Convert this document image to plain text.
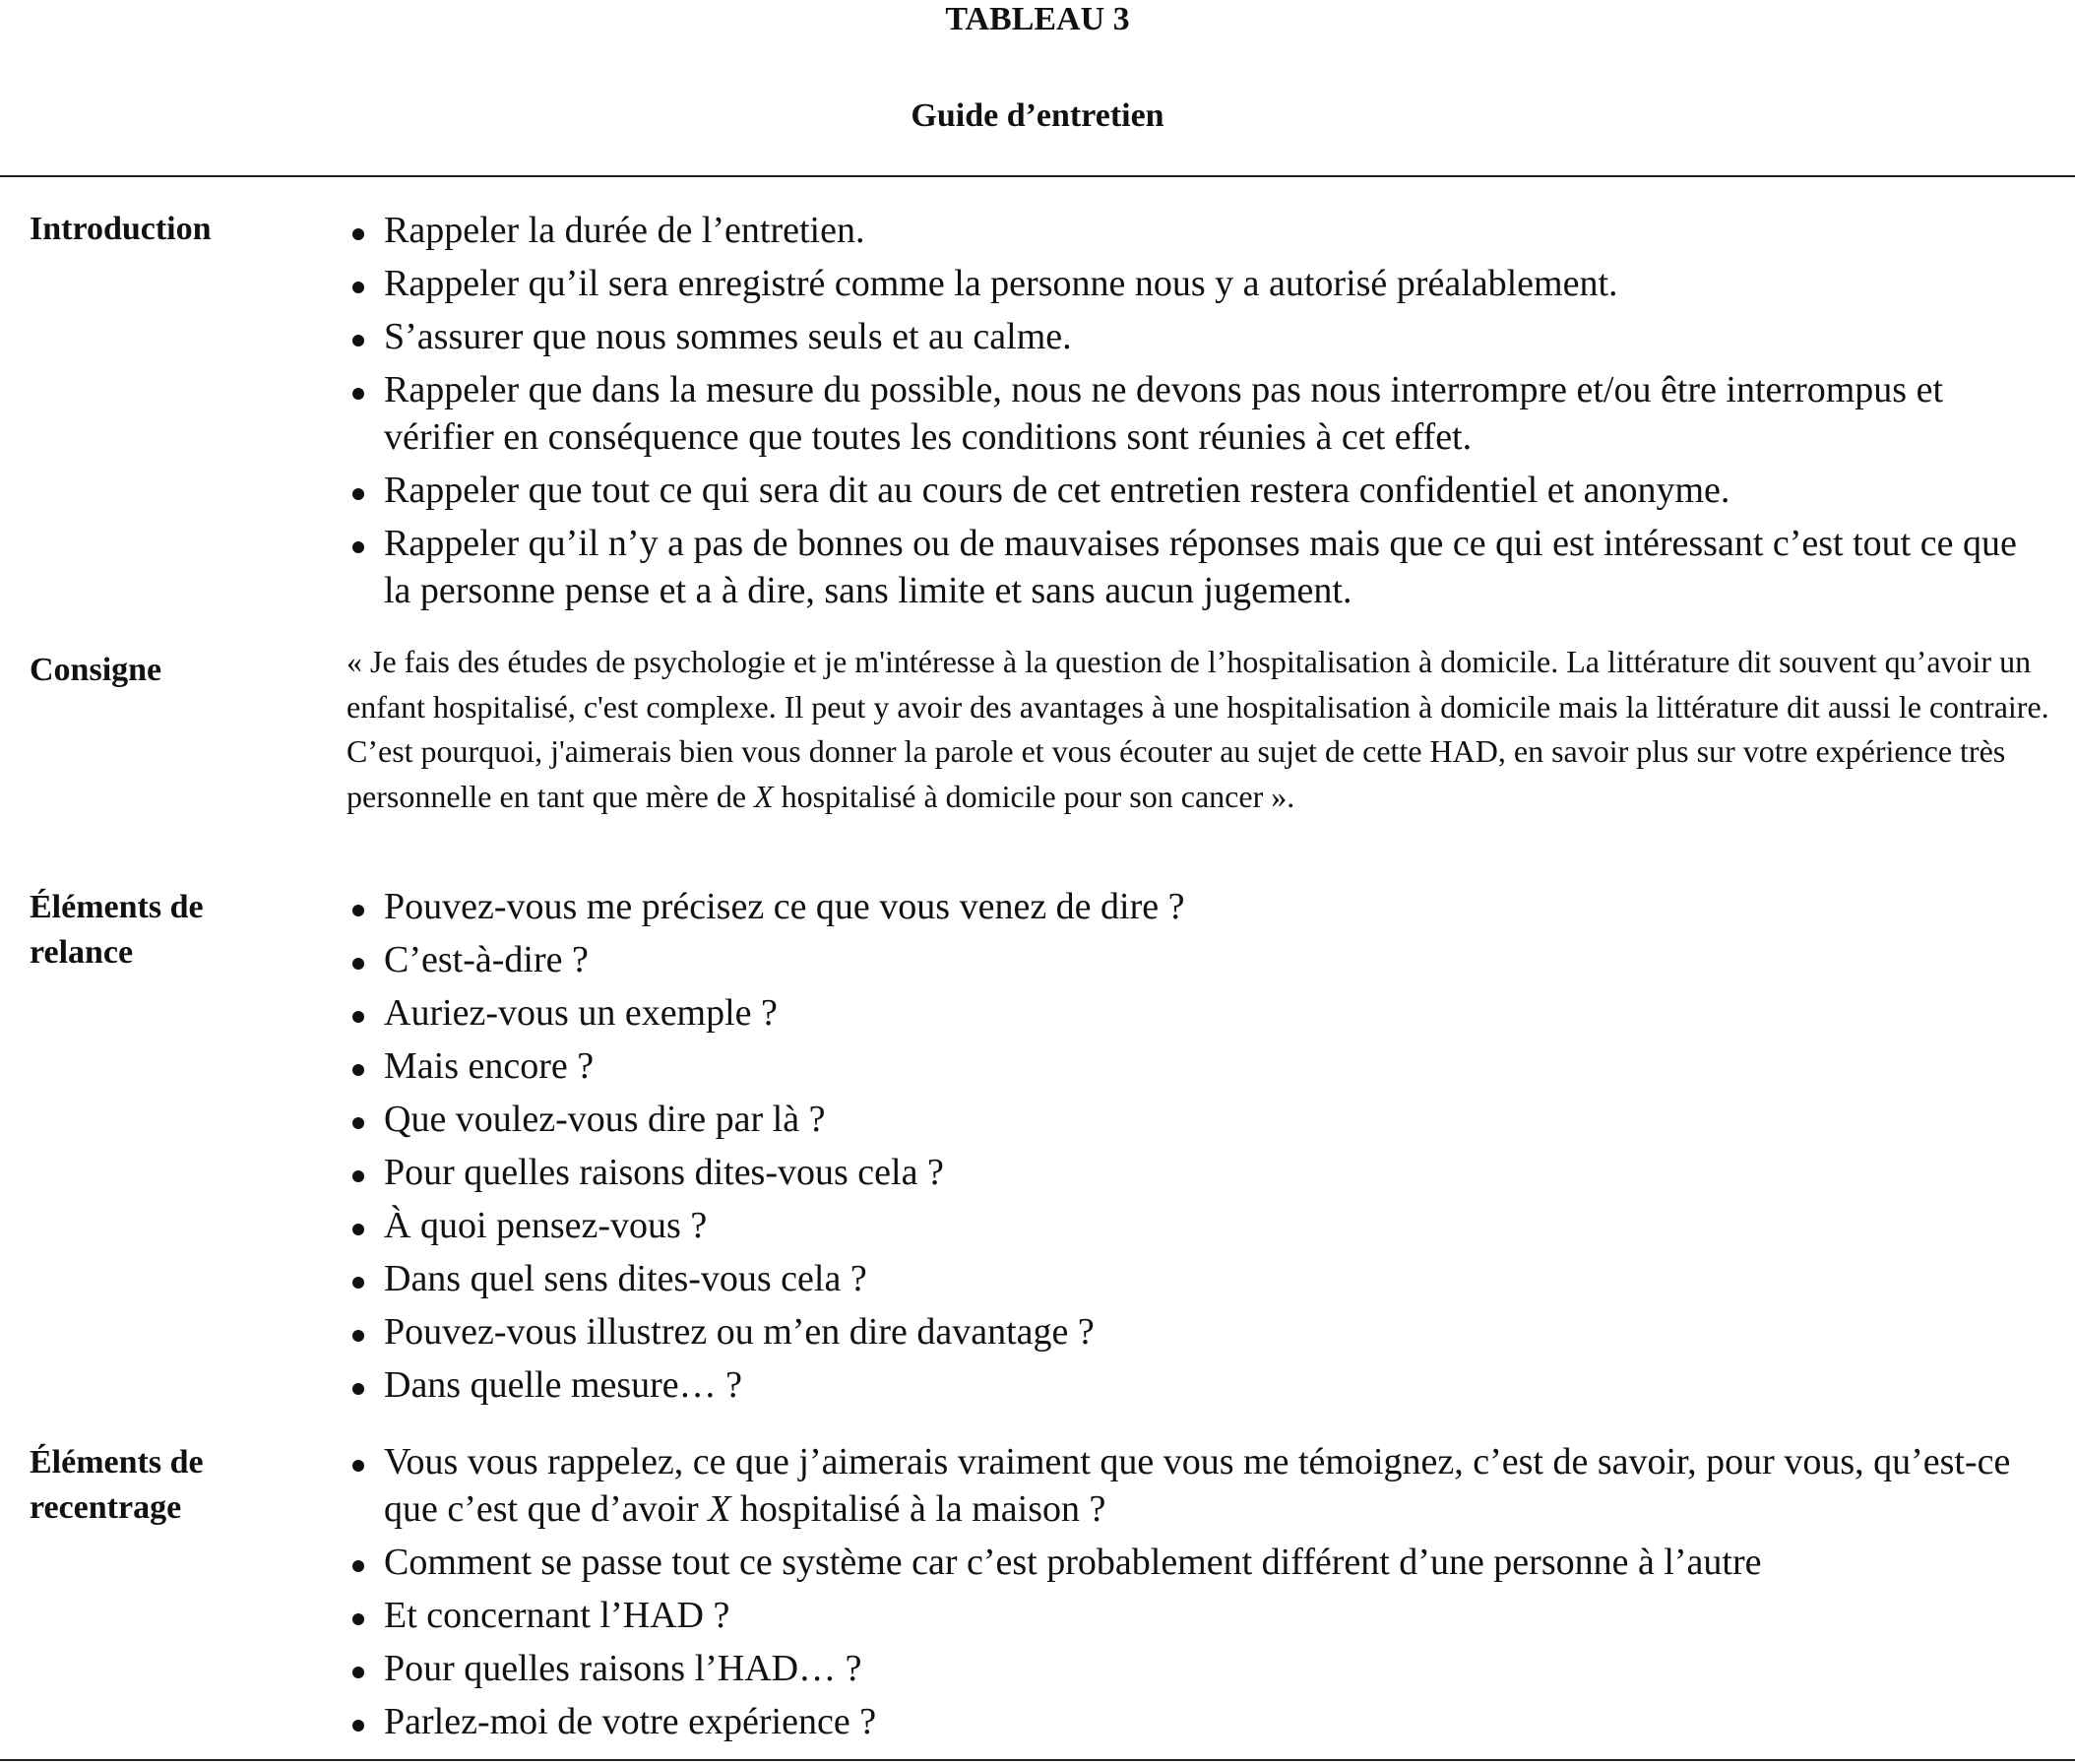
TABLEAU 3
Guide d’entretien
Introduction	Rappeler la durée de l’entretien.
Rappeler qu’il sera enregistré comme la personne nous y a autorisé préalablement.
S’assurer que nous sommes seuls et au calme.
Rappeler que dans la mesure du possible, nous ne devons pas nous interrompre et/ou être interrompus et vérifier en conséquence que toutes les conditions sont réunies à cet effet.
Rappeler que tout ce qui sera dit au cours de cet entretien restera confidentiel et anonyme.
Rappeler qu’il n’y a pas de bonnes ou de mauvaises réponses mais que ce qui est intéressant c’est tout ce que la personne pense et a à dire, sans limite et sans aucun jugement.
Consigne	« Je fais des études de psychologie et je m'intéresse à la question de l’hospitalisation à domicile. La littérature dit souvent qu’avoir un enfant hospitalisé, c'est complexe. Il peut y avoir des avantages à une hospitalisation à domicile mais la littérature dit aussi le contraire. C’est pourquoi, j'aimerais bien vous donner la parole et vous écouter au sujet de cette HAD, en savoir plus sur votre expérience très personnelle en tant que mère de X hospitalisé à domicile pour son cancer ».

Éléments de
relance
Pouvez-vous me précisez ce que vous venez de dire ?
C’est-à-dire ?
Auriez-vous un exemple ?
Mais encore ?
Que voulez-vous dire par là ?
Pour quelles raisons dites-vous cela ?
À quoi pensez-vous ?
Dans quel sens dites-vous cela ?
Pouvez-vous illustrez ou m’en dire davantage ?
Dans quelle mesure… ?
Éléments de
recentrage
Vous vous rappelez, ce que j’aimerais vraiment que vous me témoignez, c’est de savoir, pour vous, qu’est-ce que c’est que d’avoir X hospitalisé à la maison ?
Comment se passe tout ce système car c’est probablement différent d’une personne à l’autre
Et concernant l’HAD ?
Pour quelles raisons l’HAD… ?
Parlez-moi de votre expérience ?
